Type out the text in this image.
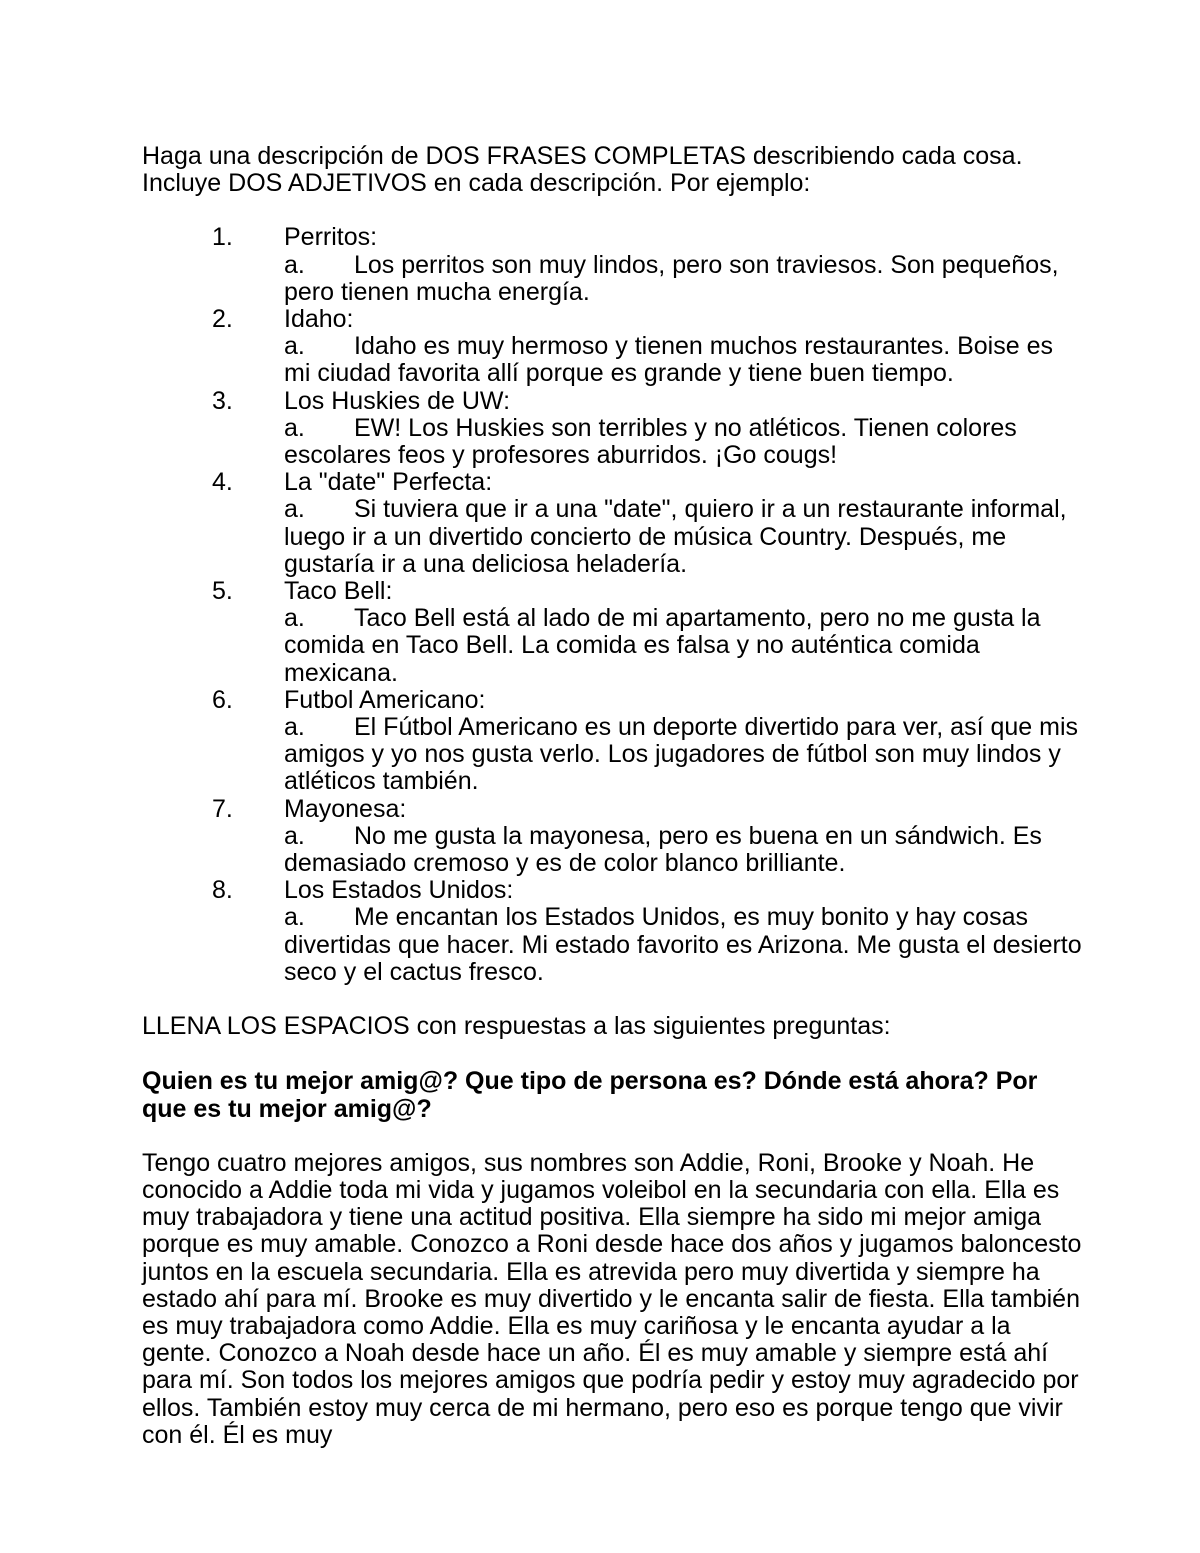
Haga una descripción de DOS FRASES COMPLETAS describiendo cada cosa. Incluye DOS ADJETIVOS en cada descripción. Por ejemplo:

1. Perritos:
a. Los perritos son muy lindos, pero son traviesos. Son pequeños, pero tienen mucha energía.
2. Idaho:
a. Idaho es muy hermoso y tienen muchos restaurantes. Boise es mi ciudad favorita allí porque es grande y tiene buen tiempo.
3. Los Huskies de UW:
a. EW! Los Huskies son terribles y no atléticos. Tienen colores escolares feos y profesores aburridos. ¡Go cougs!
4. La "date" Perfecta:
a. Si tuviera que ir a una "date", quiero ir a un restaurante informal, luego ir a un divertido concierto de música Country. Después, me gustaría ir a una deliciosa heladería.
5. Taco Bell:
a. Taco Bell está al lado de mi apartamento, pero no me gusta la comida en Taco Bell. La comida es falsa y no auténtica comida mexicana.
6. Futbol Americano:
a. El Fútbol Americano es un deporte divertido para ver, así que mis amigos y yo nos gusta verlo. Los jugadores de fútbol son muy lindos y atléticos también.
7. Mayonesa:
a. No me gusta la mayonesa, pero es buena en un sándwich. Es demasiado cremoso y es de color blanco brilliante.
8. Los Estados Unidos:
a. Me encantan los Estados Unidos, es muy bonito y hay cosas divertidas que hacer. Mi estado favorito es Arizona. Me gusta el desierto seco y el cactus fresco.

LLENA LOS ESPACIOS con respuestas a las siguientes preguntas:

Quien es tu mejor amig@? Que tipo de persona es? Dónde está ahora? Por que es tu mejor amig@?

Tengo cuatro mejores amigos, sus nombres son Addie, Roni, Brooke y Noah. He conocido a Addie toda mi vida y jugamos voleibol en la secundaria con ella. Ella es muy trabajadora y tiene una actitud positiva. Ella siempre ha sido mi mejor amiga porque es muy amable. Conozco a Roni desde hace dos años y jugamos baloncesto juntos en la escuela secundaria. Ella es atrevida pero muy divertida y siempre ha estado ahí para mí. Brooke es muy divertido y le encanta salir de fiesta. Ella también es muy trabajadora como Addie. Ella es muy cariñosa y le encanta ayudar a la gente. Conozco a Noah desde hace un año. Él es muy amable y siempre está ahí para mí. Son todos los mejores amigos que podría pedir y estoy muy agradecido por ellos. También estoy muy cerca de mi hermano, pero eso es porque tengo que vivir con él. Él es muy
